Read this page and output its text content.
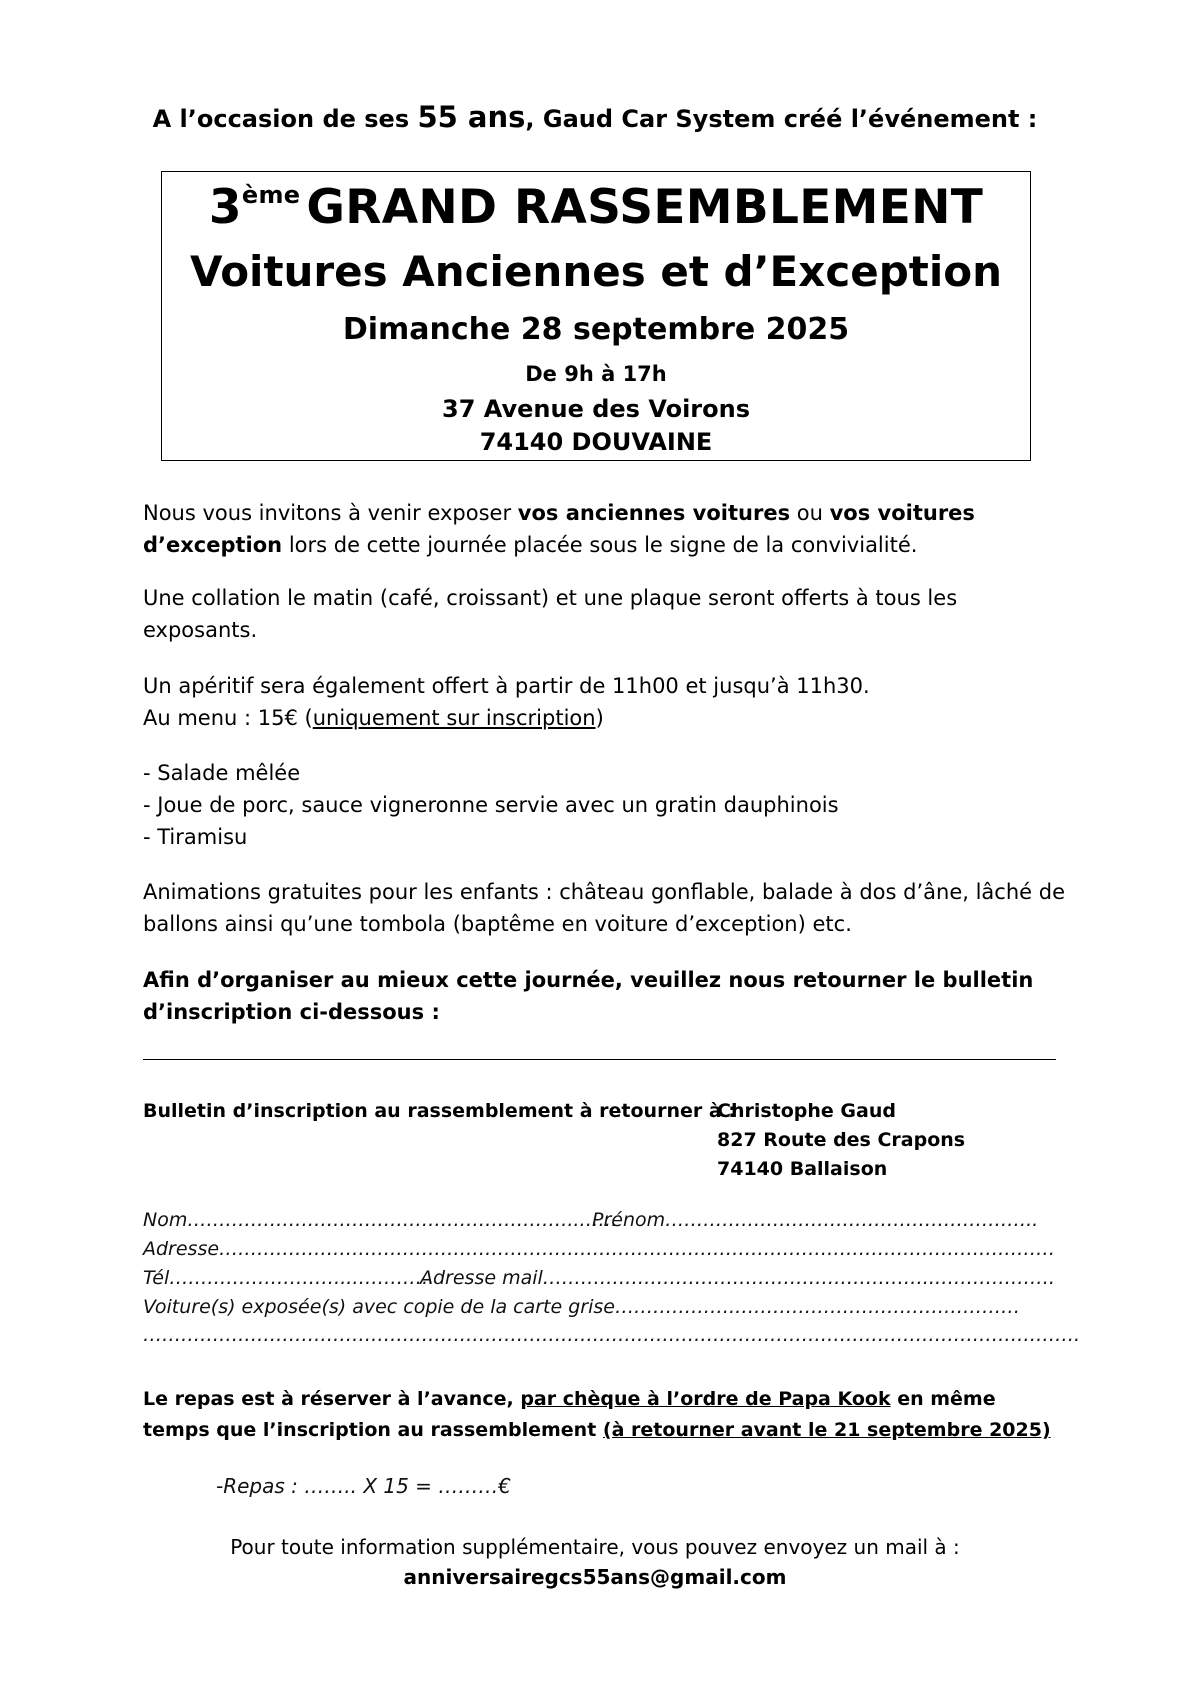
A l’occasion de ses 55 ans, Gaud Car System créé l’événement :
3ème GRAND RASSEMBLEMENT
Voitures Anciennes et d’Exception
Dimanche 28 septembre 2025
De 9h à 17h
37 Avenue des Voirons
74140 DOUVAINE
Nous vous invitons à venir exposer vos anciennes voitures ou vos voitures d’exception lors de cette journée placée sous le signe de la convivialité.
Une collation le matin (café, croissant) et une plaque seront offerts à tous les exposants.
Un apéritif sera également offert à partir de 11h00 et jusqu’à 11h30.
Au menu : 15€ (uniquement sur inscription)
- Salade mêlée
- Joue de porc, sauce vigneronne servie avec un gratin dauphinois
- Tiramisu
Animations gratuites pour les enfants : château gonflable, balade à dos d’âne, lâché de ballons ainsi qu’une tombola (baptême en voiture d’exception) etc.
Afin d’organiser au mieux cette journée, veuillez nous retourner le bulletin d’inscription ci-dessous :
Bulletin d’inscription au rassemblement à retourner à :
Christophe Gaud
827 Route des Crapons
74140 Ballaison
Nom……………………………………………………..……
Prénom…………………………………………………..
Adresse……………………………………………………………………………………………………………………
Tél………………………..………….
Adresse mail……………………………………………………..……………….
Voiture(s) exposée(s) avec copie de la carte grise……………….………………………………………
………………………………………………………………………………………………………………………………….
Le repas est à réserver à l’avance, par chèque à l’ordre de Papa Kook en même temps que l’inscription au rassemblement (à retourner avant le 21 septembre 2025)
-Repas : …….. X 15 = ………€
Pour toute information supplémentaire, vous pouvez envoyez un mail à :
anniversairegcs55ans@gmail.com
